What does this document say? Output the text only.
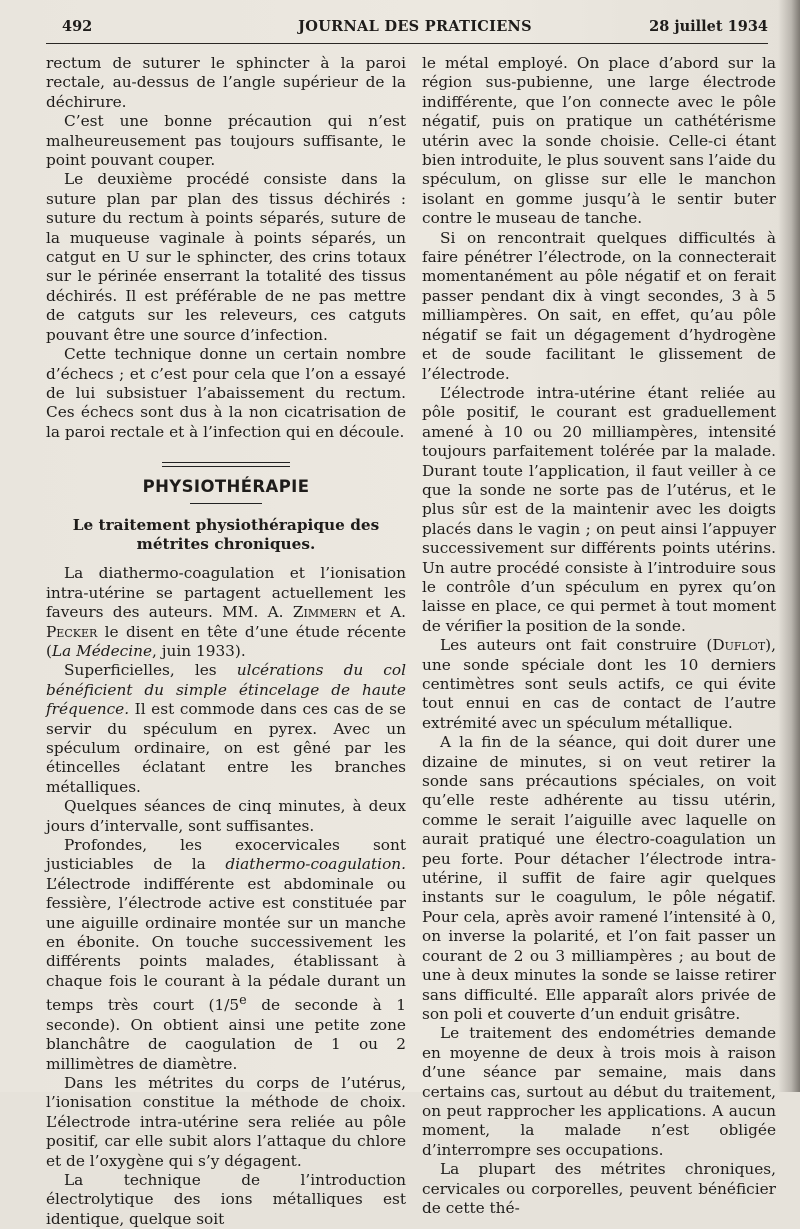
492	JOURNAL DES PRATICIENS	28 juillet 1934

rectum de suturer le sphincter à la paroi rectale, au-dessus de l’angle supérieur de la déchirure.

C’est une bonne précaution qui n’est malheureusement pas toujours suffisante, le point pouvant couper.

Le deuxième procédé consiste dans la suture plan par plan des tissus déchirés : suture du rectum à points séparés, suture de la muqueuse vaginale à points séparés, un catgut en U sur le sphincter, des crins totaux sur le périnée enserrant la totalité des tissus déchirés. Il est préférable de ne pas mettre de catguts sur les releveurs, ces catguts pouvant être une source d’infection.

Cette technique donne un certain nombre d’échecs ; et c’est pour cela que l’on a essayé de lui subsistuer l’abaissement du rectum. Ces échecs sont dus à la non cicatrisation de la paroi rectale et à l’infection qui en découle.

PHYSIOTHÉRAPIE
Le traitement physiothérapique des métrites chroniques.

La diathermo-coagulation et l’ionisation intra-utérine se partagent actuellement les faveurs des auteurs. MM. A. Zimmern et A. Pecker le disent en tête d’une étude récente (La Médecine, juin 1933).

Superficielles, les ulcérations du col bénéficient du simple étincelage de haute fréquence. Il est commode dans ces cas de se servir du spéculum en pyrex. Avec un spéculum ordinaire, on est gêné par les étincelles éclatant entre les branches métalliques.

Quelques séances de cinq minutes, à deux jours d’intervalle, sont suffisantes.

Profondes, les exocervicales sont justiciables de la diathermo-coagulation. L’électrode indifférente est abdominale ou fessière, l’électrode active est constituée par une aiguille ordinaire montée sur un manche en ébonite. On touche successivement les différents points malades, établissant à chaque fois le courant à la pédale durant un temps très court (1/5e de seconde à 1 seconde). On obtient ainsi une petite zone blanchâtre de caogulation de 1 ou 2 millimètres de diamètre.

Dans les métrites du corps de l’utérus, l’ionisation constitue la méthode de choix. L’électrode intra-utérine sera reliée au pôle positif, car elle subit alors l’attaque du chlore et de l’oxygène qui s’y dégagent.

La technique de l’introduction électrolytique des ions métalliques est identique, quelque soit

le métal employé. On place d’abord sur la région sus-pubienne, une large électrode indifférente, que l’on connecte avec le pôle négatif, puis on pratique un cathétérisme utérin avec la sonde choisie. Celle-ci étant bien introduite, le plus souvent sans l’aide du spéculum, on glisse sur elle le manchon isolant en gomme jusqu’à le sentir buter contre le museau de tanche.

Si on rencontrait quelques difficultés à faire pénétrer l’électrode, on la connecterait momentanément au pôle négatif et on ferait passer pendant dix à vingt secondes, 3 à 5 milliampères. On sait, en effet, qu’au pôle négatif se fait un dégagement d’hydrogène et de soude facilitant le glissement de l’électrode.

L’électrode intra-utérine étant reliée au pôle positif, le courant est graduellement amené à 10 ou 20 milliampères, intensité toujours parfaitement tolérée par la malade. Durant toute l’application, il faut veiller à ce que la sonde ne sorte pas de l’utérus, et le plus sûr est de la maintenir avec les doigts placés dans le vagin ; on peut ainsi l’appuyer successivement sur différents points utérins. Un autre procédé consiste à l’introduire sous le contrôle d’un spéculum en pyrex qu’on laisse en place, ce qui permet à tout moment de vérifier la position de la sonde.

Les auteurs ont fait construire (Duflot), une sonde spéciale dont les 10 derniers centimètres sont seuls actifs, ce qui évite tout ennui en cas de contact de l’autre extrémité avec un spéculum métallique.

A la fin de la séance, qui doit durer une dizaine de minutes, si on veut retirer la sonde sans précautions spéciales, on voit qu’elle reste adhérente au tissu utérin, comme le serait l’aiguille avec laquelle on aurait pratiqué une électro-coagulation un peu forte. Pour détacher l’électrode intra-utérine, il suffit de faire agir quelques instants sur le coagulum, le pôle négatif. Pour cela, après avoir ramené l’intensité à 0, on inverse la polarité, et l’on fait passer un courant de 2 ou 3 milliampères ; au bout de une à deux minutes la sonde se laisse retirer sans difficulté. Elle apparaît alors privée de son poli et couverte d’un enduit grisâtre.

Le traitement des endométries demande en moyenne de deux à trois mois à raison d’une séance par semaine, mais dans certains cas, surtout au début du traitement, on peut rapprocher les applications. A aucun moment, la malade n’est obligée d’interrompre ses occupations.

La plupart des métrites chroniques, cervicales ou corporelles, peuvent bénéficier de cette thé-
